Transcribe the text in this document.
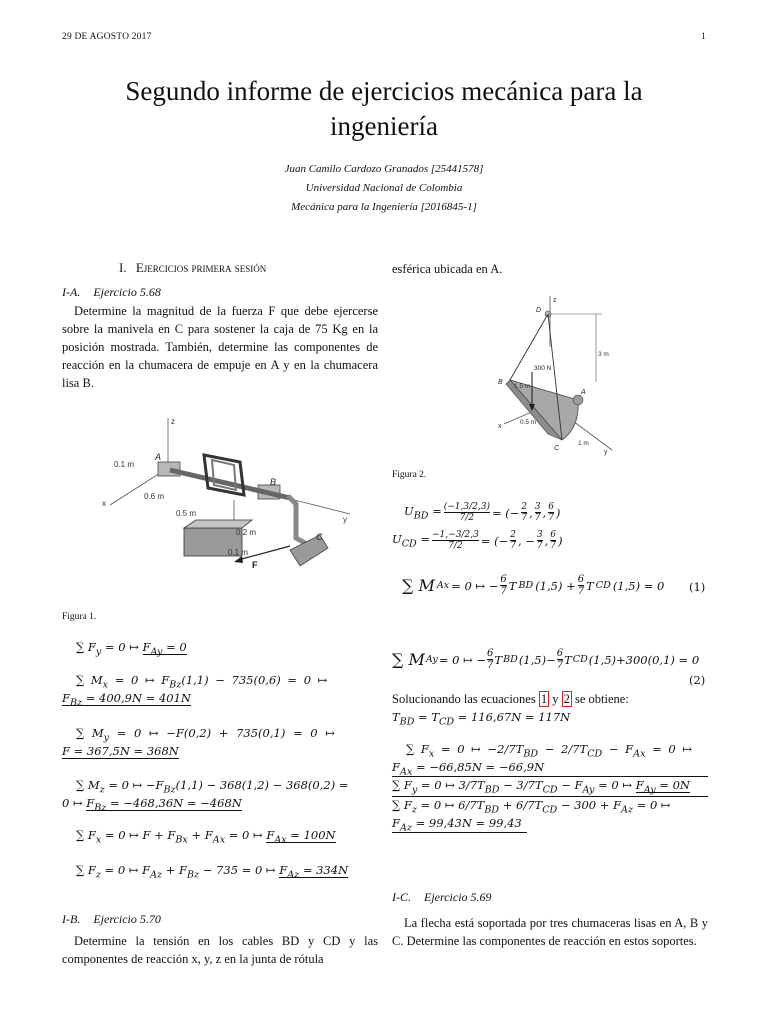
29 DE AGOSTO 2017	1
Segundo informe de ejercicios mecánica para la
ingeniería
Juan Camilo Cardozo Granados [25441578]
Universidad Nacional de Colombia
Mecánica para la Ingeniería [2016845-1]
I. Ejercicios primera sesión
I-A. Ejercicio 5.68
Determine la magnitud de la fuerza F que debe ejercerse sobre la manivela en C para sostener la caja de 75 Kg en la posición mostrada. También, determine las componentes de reacción en la chumacera de empuje en A y en la chumacera lisa B.
z
x
y
A
B
C
F
0.1 m
0.6 m
0.5 m
0.2 m
0.1 m
Figura 1.
∑ $F_y = 0$ ↦ $F_{Ay} = 0$
∑ $M_x = 0$ ↦ $F_{Bz}(1,1) - 735(0,6) = 0$ ↦
$F_{Bz} = 400,9N = 401N$
∑ $M_y = 0$ ↦ −F(0,2) + 735(0,1) = 0 ↦
F = 367,5N = 368N
∑ $M_z = 0$ ↦ $-F_{Bz}(1,1) - 368(1,2) - 368(0,2)$ =
0 ↦ $F_{Bz} = -468,36N = -468N$
∑ $F_x = 0$ ↦ $F + F_{Bx} + F_{Ax} = 0$ ↦ $F_{Ax} = 100N$
∑ $F_z = 0$ ↦ $F_{Az} + F_{Bz} - 735 = 0$ ↦ $F_{Az} = 334N$
I-B. Ejercicio 5.70
Determine la tensión en los cables BD y CD y las componentes de reacción x, y, z en la junta de rótula
esférica ubicada en A.
z
x
y
D
A
B
C
300 N
3 m
1.5 m
0.5 m
1 m
Figura 2.
$U_{BD} = \frac{(-1,3/2,3)}{7/2}$ = (− $\frac{2}{7}$ , 3
7 , 6
7 )
$U_{CD} = \frac{-1,-3/2,3}{7/2}$ = (− $\frac{2}{7}$ , − $\frac{3}{7}$ , 6
7 )
∑ M Ax = 0 ↦ − $\frac{6}{7}$ T BD $(1,5) + \frac{6}{7}$ T CD (1,5) = 0 (1)
∑ M Ay = 0 ↦ − $\frac{6}{7}$ T BD $(1,5)- \frac{6}{7}$ T CD (1,5)+300(0,1) = 0
(2)
Solucionando las ecuaciones 1 y 2 se obtiene:
$T_{BD} = T_{CD} = 116,67N = 117N$
∑ $F_x = 0$ ↦ $-2/7T_{BD} - 2/7T_{CD} - F_{Ax} = 0$ ↦
$F_{Ax} = -66,85N = -66,9N$
∑ $F_y = 0$ ↦ $3/7T_{BD} - 3/7T_{CD} - F_{Ay} = 0$ ↦ $F_{Ay} = 0N$
∑ $F_z = 0$ ↦ $6/7T_{BD} + 6/7T_{CD} - 300 + F_{Az} = 0$ ↦
$F_{Az} = 99,43N = 99,43$
I-C. Ejercicio 5.69
La flecha está soportada por tres chumaceras lisas en A, B y C. Determine las componentes de reacción en estos soportes.
